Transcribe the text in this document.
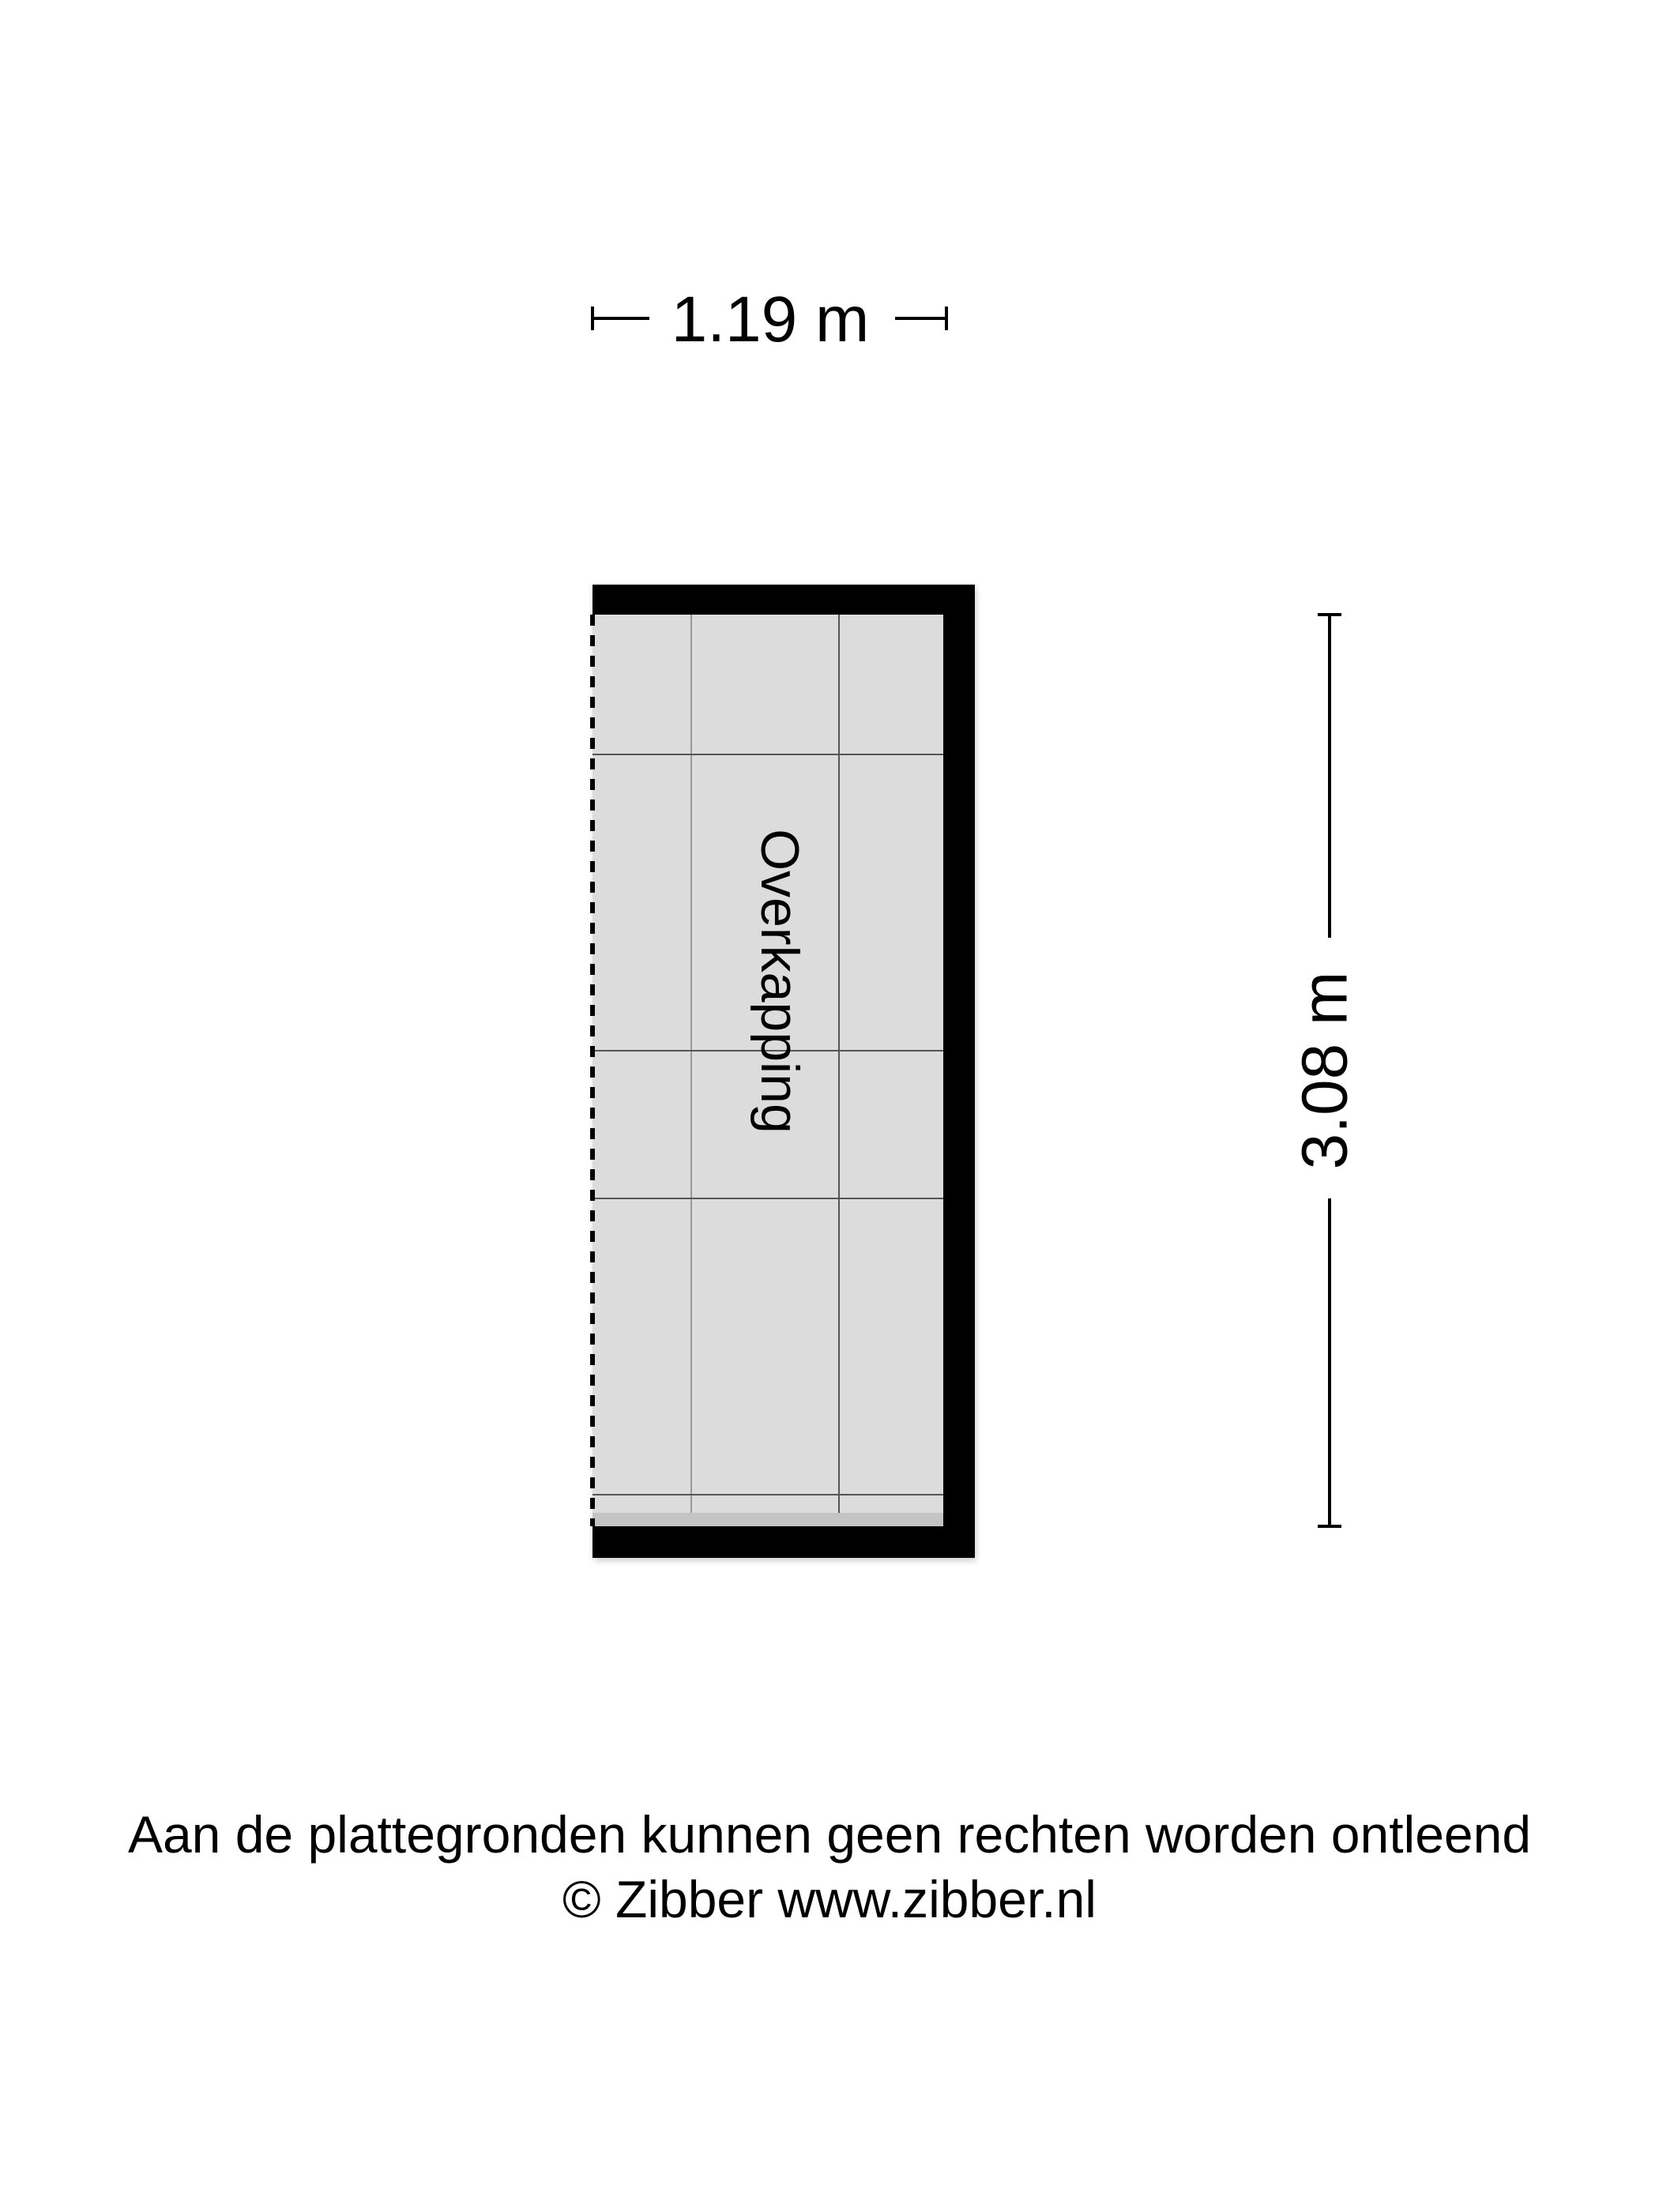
1.19 m
Overkapping	3.08 m
Aan de plattegronden kunnen geen rechten worden ontleend
© Zibber www.zibber.nl
